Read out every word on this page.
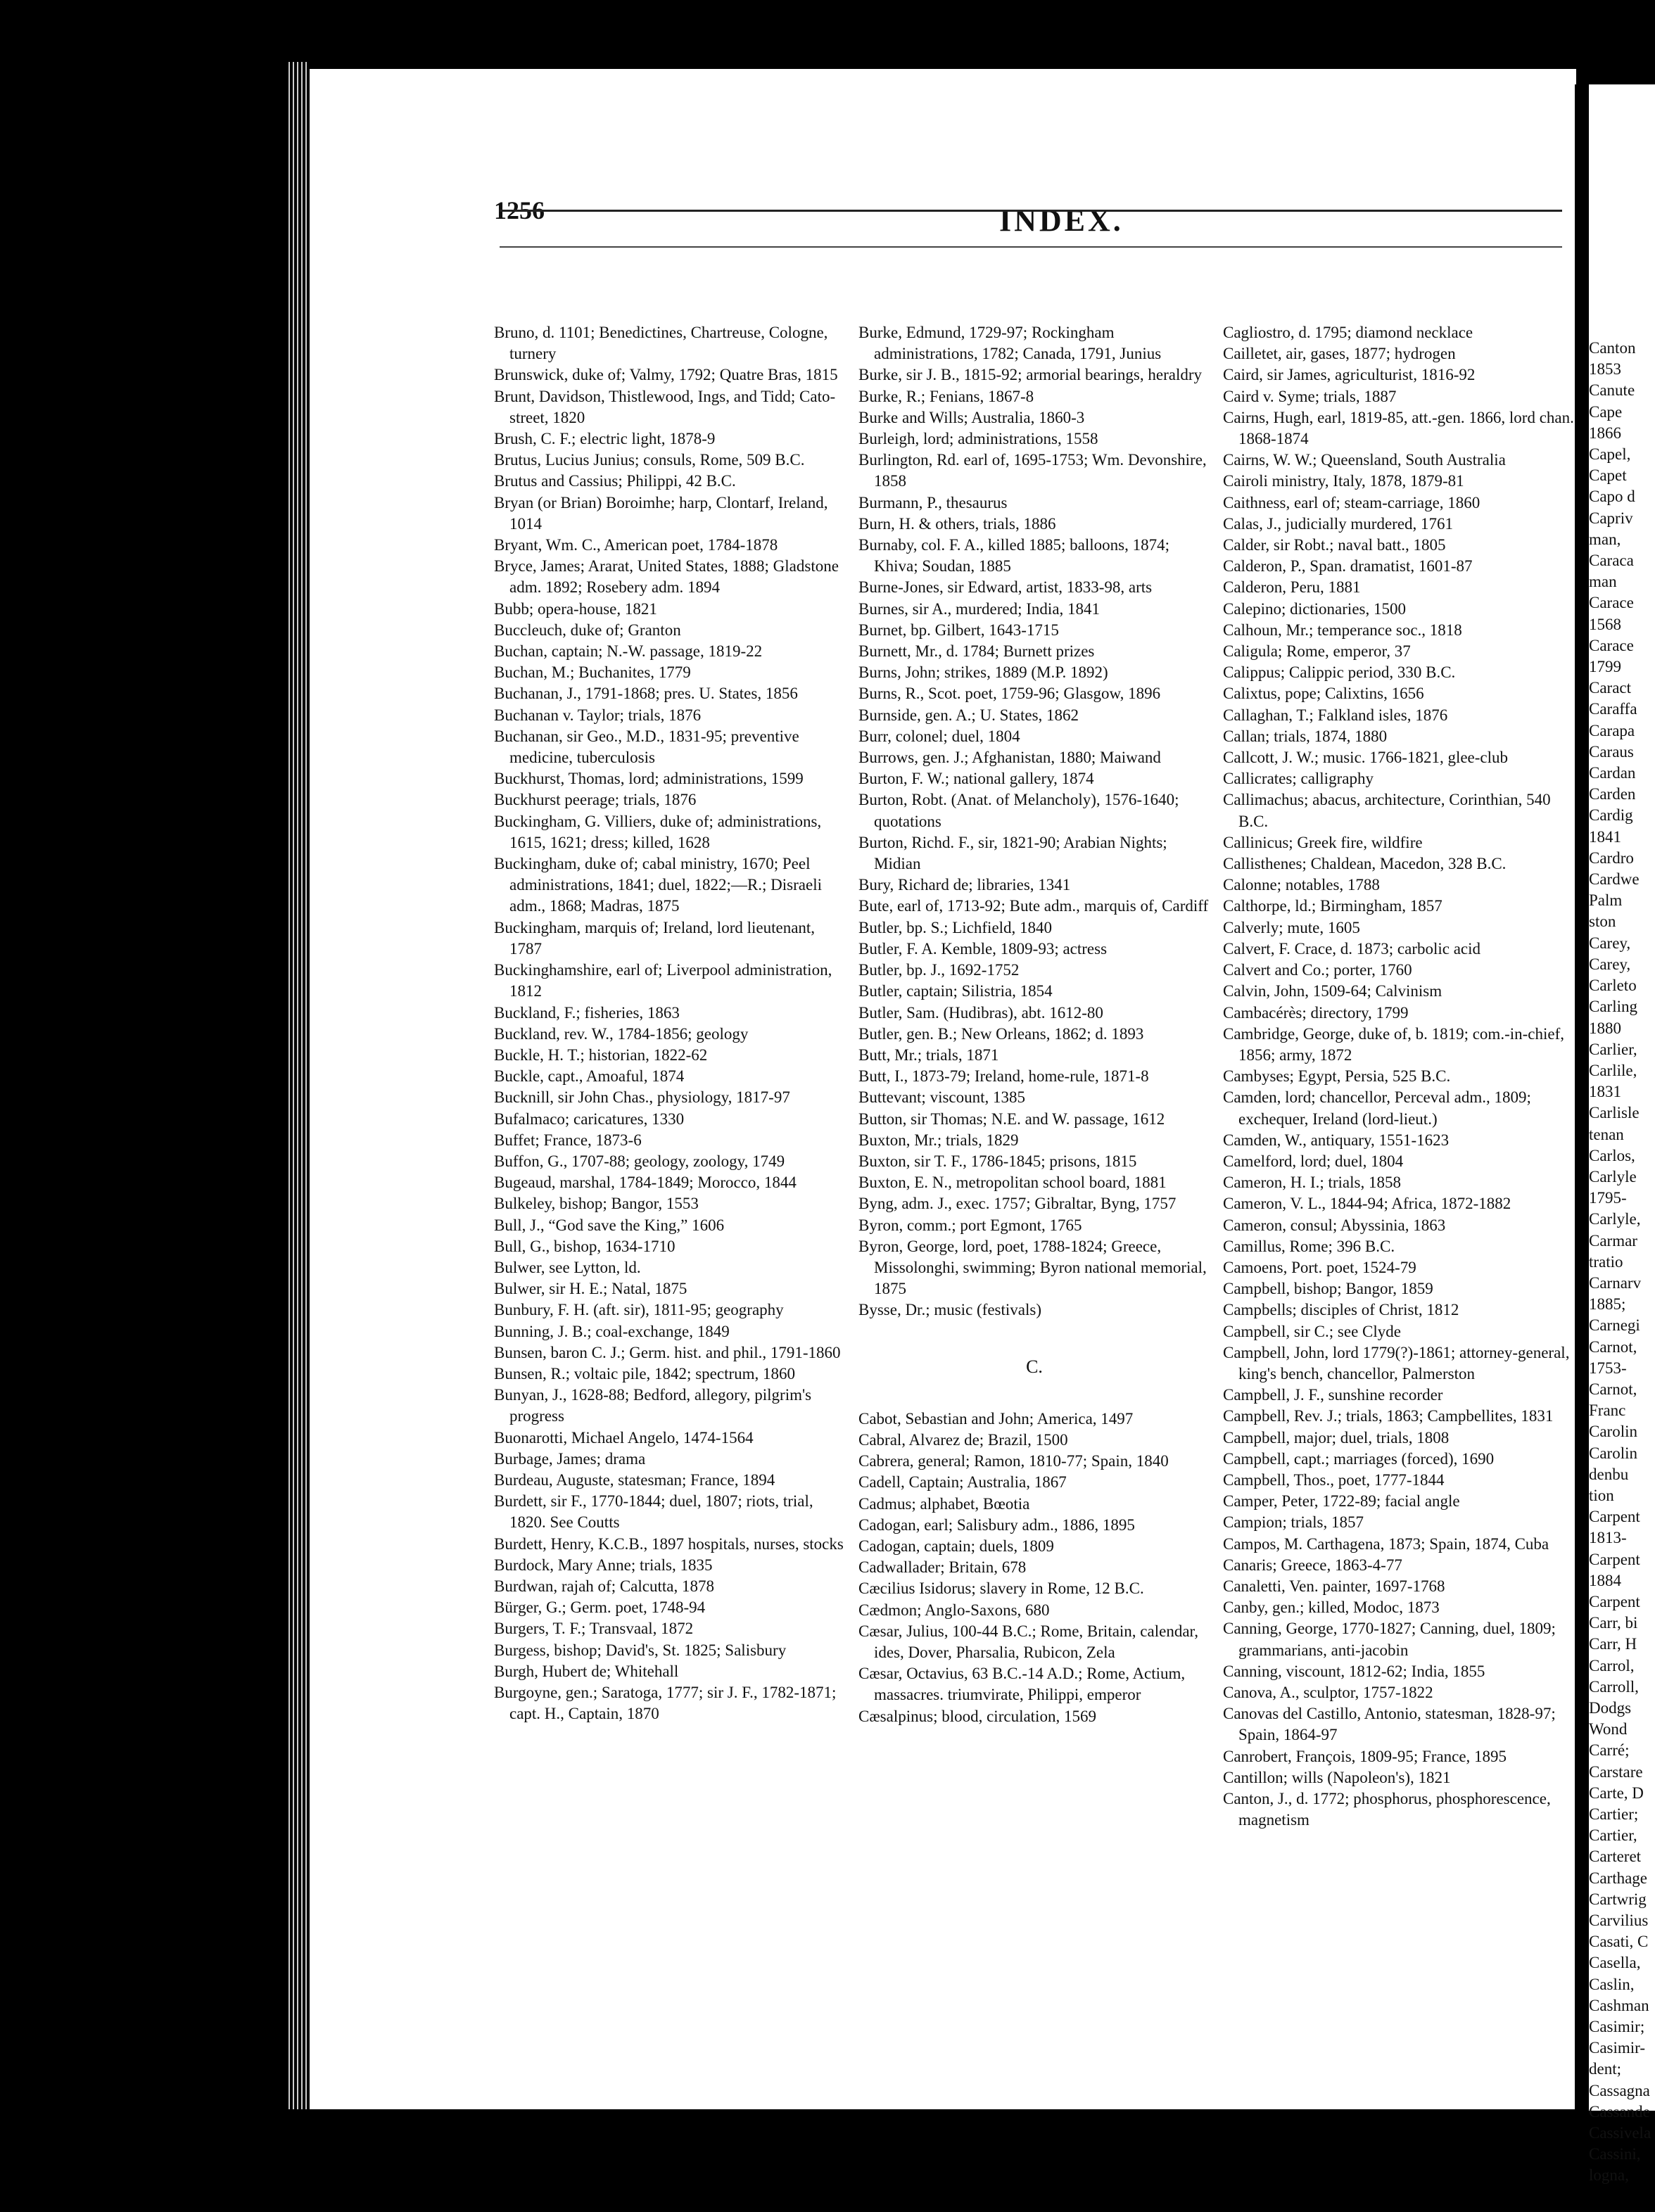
1256	INDEX.

Bruno, d. 1101; Benedictines, Chartreuse, Cologne, turnery

Brunswick, duke of; Valmy, 1792; Quatre Bras, 1815

Brunt, Davidson, Thistlewood, Ings, and Tidd; Cato-street, 1820

Brush, C. F.; electric light, 1878-9

Brutus, Lucius Junius; consuls, Rome, 509 B.C.

Brutus and Cassius; Philippi, 42 B.C.

Bryan (or Brian) Boroimhe; harp, Clontarf, Ireland, 1014

Bryant, Wm. C., American poet, 1784-1878

Bryce, James; Ararat, United States, 1888; Gladstone adm. 1892; Rosebery adm. 1894

Bubb; opera-house, 1821

Buccleuch, duke of; Granton

Buchan, captain; N.-W. passage, 1819-22

Buchan, M.; Buchanites, 1779

Buchanan, J., 1791-1868; pres. U. States, 1856

Buchanan v. Taylor; trials, 1876

Buchanan, sir Geo., M.D., 1831-95; preventive medicine, tuberculosis

Buckhurst, Thomas, lord; administrations, 1599

Buckhurst peerage; trials, 1876

Buckingham, G. Villiers, duke of; administrations, 1615, 1621; dress; killed, 1628

Buckingham, duke of; cabal ministry, 1670; Peel administrations, 1841; duel, 1822;—R.; Disraeli adm., 1868; Madras, 1875

Buckingham, marquis of; Ireland, lord lieutenant, 1787

Buckinghamshire, earl of; Liverpool administration, 1812

Buckland, F.; fisheries, 1863

Buckland, rev. W., 1784-1856; geology

Buckle, H. T.; historian, 1822-62

Buckle, capt., Amoaful, 1874

Bucknill, sir John Chas., physiology, 1817-97

Bufalmaco; caricatures, 1330

Buffet; France, 1873-6

Buffon, G., 1707-88; geology, zoology, 1749

Bugeaud, marshal, 1784-1849; Morocco, 1844

Bulkeley, bishop; Bangor, 1553

Bull, J., “God save the King,” 1606

Bull, G., bishop, 1634-1710

Bulwer, see Lytton, ld.

Bulwer, sir H. E.; Natal, 1875

Bunbury, F. H. (aft. sir), 1811-95; geography

Bunning, J. B.; coal-exchange, 1849

Bunsen, baron C. J.; Germ. hist. and phil., 1791-1860

Bunsen, R.; voltaic pile, 1842; spectrum, 1860

Bunyan, J., 1628-88; Bedford, allegory, pilgrim's progress

Buonarotti, Michael Angelo, 1474-1564

Burbage, James; drama

Burdeau, Auguste, statesman; France, 1894

Burdett, sir F., 1770-1844; duel, 1807; riots, trial, 1820. See Coutts

Burdett, Henry, K.C.B., 1897 hospitals, nurses, stocks

Burdock, Mary Anne; trials, 1835

Burdwan, rajah of; Calcutta, 1878

Bürger, G.; Germ. poet, 1748-94

Burgers, T. F.; Transvaal, 1872

Burgess, bishop; David's, St. 1825; Salisbury

Burgh, Hubert de; Whitehall

Burgoyne, gen.; Saratoga, 1777; sir J. F., 1782-1871; capt. H., Captain, 1870

Burke, Edmund, 1729-97; Rockingham administrations, 1782; Canada, 1791, Junius

Burke, sir J. B., 1815-92; armorial bearings, heraldry

Burke, R.; Fenians, 1867-8

Burke and Wills; Australia, 1860-3

Burleigh, lord; administrations, 1558

Burlington, Rd. earl of, 1695-1753; Wm. Devonshire, 1858

Burmann, P., thesaurus

Burn, H. & others, trials, 1886

Burnaby, col. F. A., killed 1885; balloons, 1874; Khiva; Soudan, 1885

Burne-Jones, sir Edward, artist, 1833-98, arts

Burnes, sir A., murdered; India, 1841

Burnet, bp. Gilbert, 1643-1715

Burnett, Mr., d. 1784; Burnett prizes

Burns, John; strikes, 1889 (M.P. 1892)

Burns, R., Scot. poet, 1759-96; Glasgow, 1896

Burnside, gen. A.; U. States, 1862

Burr, colonel; duel, 1804

Burrows, gen. J.; Afghanistan, 1880; Maiwand

Burton, F. W.; national gallery, 1874

Burton, Robt. (Anat. of Melancholy), 1576-1640; quotations

Burton, Richd. F., sir, 1821-90; Arabian Nights; Midian

Bury, Richard de; libraries, 1341

Bute, earl of, 1713-92; Bute adm., marquis of, Cardiff

Butler, bp. S.; Lichfield, 1840

Butler, F. A. Kemble, 1809-93; actress

Butler, bp. J., 1692-1752

Butler, captain; Silistria, 1854

Butler, Sam. (Hudibras), abt. 1612-80

Butler, gen. B.; New Orleans, 1862; d. 1893

Butt, Mr.; trials, 1871

Butt, I., 1873-79; Ireland, home-rule, 1871-8

Buttevant; viscount, 1385

Button, sir Thomas; N.E. and W. passage, 1612

Buxton, Mr.; trials, 1829

Buxton, sir T. F., 1786-1845; prisons, 1815

Buxton, E. N., metropolitan school board, 1881

Byng, adm. J., exec. 1757; Gibraltar, Byng, 1757

Byron, comm.; port Egmont, 1765

Byron, George, lord, poet, 1788-1824; Greece, Missolonghi, swimming; Byron national memorial, 1875

Bysse, Dr.; music (festivals)

C.

Cabot, Sebastian and John; America, 1497

Cabral, Alvarez de; Brazil, 1500

Cabrera, general; Ramon, 1810-77; Spain, 1840

Cadell, Captain; Australia, 1867

Cadmus; alphabet, Bœotia

Cadogan, earl; Salisbury adm., 1886, 1895

Cadogan, captain; duels, 1809

Cadwallader; Britain, 678

Cæcilius Isidorus; slavery in Rome, 12 B.C.

Cædmon; Anglo-Saxons, 680

Cæsar, Julius, 100-44 B.C.; Rome, Britain, calendar, ides, Dover, Pharsalia, Rubicon, Zela

Cæsar, Octavius, 63 B.C.-14 A.D.; Rome, Actium, massacres. triumvirate, Philippi, emperor

Cæsalpinus; blood, circulation, 1569

Cagliostro, d. 1795; diamond necklace

Cailletet, air, gases, 1877; hydrogen

Caird, sir James, agriculturist, 1816-92

Caird v. Syme; trials, 1887

Cairns, Hugh, earl, 1819-85, att.-gen. 1866, lord chan. 1868-1874

Cairns, W. W.; Queensland, South Australia

Cairoli ministry, Italy, 1878, 1879-81

Caithness, earl of; steam-carriage, 1860

Calas, J., judicially murdered, 1761

Calder, sir Robt.; naval batt., 1805

Calderon, P., Span. dramatist, 1601-87

Calderon, Peru, 1881

Calepino; dictionaries, 1500

Calhoun, Mr.; temperance soc., 1818

Caligula; Rome, emperor, 37

Calippus; Calippic period, 330 B.C.

Calixtus, pope; Calixtins, 1656

Callaghan, T.; Falkland isles, 1876

Callan; trials, 1874, 1880

Callcott, J. W.; music. 1766-1821, glee-club

Callicrates; calligraphy

Callimachus; abacus, architecture, Corinthian, 540 B.C.

Callinicus; Greek fire, wildfire

Callisthenes; Chaldean, Macedon, 328 B.C.

Calonne; notables, 1788

Calthorpe, ld.; Birmingham, 1857

Calverly; mute, 1605

Calvert, F. Crace, d. 1873; carbolic acid

Calvert and Co.; porter, 1760

Calvin, John, 1509-64; Calvinism

Cambacérès; directory, 1799

Cambridge, George, duke of, b. 1819; com.-in-chief, 1856; army, 1872

Cambyses; Egypt, Persia, 525 B.C.

Camden, lord; chancellor, Perceval adm., 1809; exchequer, Ireland (lord-lieut.)

Camden, W., antiquary, 1551-1623

Camelford, lord; duel, 1804

Cameron, H. I.; trials, 1858

Cameron, V. L., 1844-94; Africa, 1872-1882

Cameron, consul; Abyssinia, 1863

Camillus, Rome; 396 B.C.

Camoens, Port. poet, 1524-79

Campbell, bishop; Bangor, 1859

Campbells; disciples of Christ, 1812

Campbell, sir C.; see Clyde

Campbell, John, lord 1779(?)-1861; attorney-general, king's bench, chancellor, Palmerston

Campbell, J. F., sunshine recorder

Campbell, Rev. J.; trials, 1863; Campbellites, 1831

Campbell, major; duel, trials, 1808

Campbell, capt.; marriages (forced), 1690

Campbell, Thos., poet, 1777-1844

Camper, Peter, 1722-89; facial angle

Campion; trials, 1857

Campos, M. Carthagena, 1873; Spain, 1874, Cuba

Canaris; Greece, 1863-4-77

Canaletti, Ven. painter, 1697-1768

Canby, gen.; killed, Modoc, 1873

Canning, George, 1770-1827; Canning, duel, 1809; grammarians, anti-jacobin

Canning, viscount, 1812-62; India, 1855

Canova, A., sculptor, 1757-1822

Canovas del Castillo, Antonio, statesman, 1828-97; Spain, 1864-97

Canrobert, François, 1809-95; France, 1895

Cantillon; wills (Napoleon's), 1821

Canton, J., d. 1772; phosphorus, phosphorescence, magnetism

Canton
1853
Canute
Cape
1866
Capel,
Capet
Capo d
Capriv
man,
Caraca
man
Carace
1568
Carace
1799
Caract
Caraffa
Carapa
Caraus
Cardan
Carden
Cardig
1841
Cardro
Cardwe
Palm
ston
Carey,
Carey,
Carleto
Carling
1880
Carlier,
Carlile,
1831
Carlisle
tenan
Carlos,
Carlyle
1795-
Carlyle,
Carmar
tratio
Carnarv
1885;
Carnegi
Carnot,
1753-
Carnot,
Franc
Carolin
Carolin
denbu
tion
Carpent
1813-
Carpent
1884
Carpent
Carr, bi
Carr, H
Carrol,
Carroll,
Dodgs
Wond
Carré;
Carstare
Carte, D
Cartier;
Cartier,
Carteret
Carthage
Cartwrig
Carvilius
Casati, C
Casella,
Caslin,
Cashman
Casimir;
Casimir-
dent;
Cassagna
Cassande
Cassivela
Cassini,
logna,
